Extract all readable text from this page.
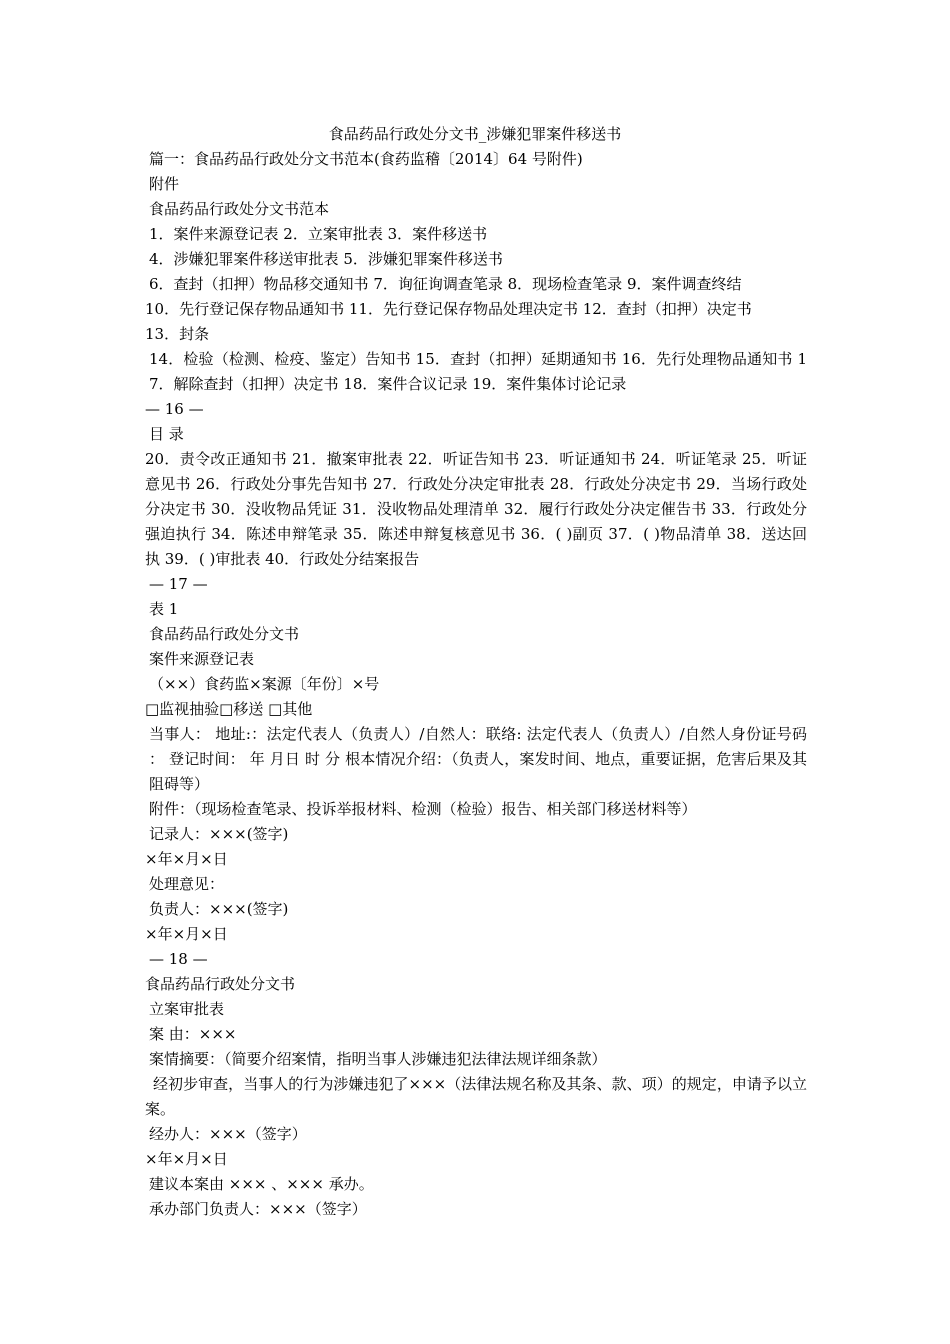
食品药品行政处分文书_涉嫌犯罪案件移送书
篇一：食品药品行政处分文书范本(食药监稽〔2014〕64 号附件)
附件
食品药品行政处分文书范本
1．案件来源登记表 2．立案审批表 3．案件移送书
4．涉嫌犯罪案件移送审批表 5．涉嫌犯罪案件移送书
6．查封（扣押）物品移交通知书 7．询征询调查笔录 8．现场检查笔录 9．案件调查终结
10．先行登记保存物品通知书 11．先行登记保存物品处理决定书 12．查封（扣押）决定书
13．封条
14．检验（检测、检疫、鉴定）告知书 15．查封（扣押）延期通知书 16．先行处理物品通知书 17．解除查封（扣押）决定书 18．案件合议记录 19．案件集体讨论记录
— 16 —
目 录
20．责令改正通知书 21．撤案审批表 22．听证告知书 23．听证通知书 24．听证笔录 25．听证意见书 26．行政处分事先告知书 27．行政处分决定审批表 28．行政处分决定书 29．当场行政处分决定书 30．没收物品凭证 31．没收物品处理清单 32．履行行政处分决定催告书 33．行政处分强迫执行 34．陈述申辩笔录 35．陈述申辩复核意见书 36．( )副页 37．( )物品清单 38．送达回执 39．( )审批表 40．行政处分结案报告
— 17 —
表 1
食品药品行政处分文书
案件来源登记表
（××）食药监×案源〔年份〕×号
□监视抽验□移送 □其他
当事人： 地址:：法定代表人（负责人）/自然人：联络: 法定代表人（负责人）/自然人身份证号码： 登记时间： 年 月日 时 分 根本情况介绍：（负责人，案发时间、地点，重要证据，危害后果及其阻碍等）
附件：（现场检查笔录、投诉举报材料、检测（检验）报告、相关部门移送材料等）
记录人：×××(签字)
×年×月×日
处理意见：
负责人：×××(签字)
×年×月×日
— 18 —
食品药品行政处分文书
立案审批表
案 由：×××
案情摘要：（简要介绍案情，指明当事人涉嫌违犯法律法规详细条款）
经初步审查，当事人的行为涉嫌违犯了×××（法律法规名称及其条、款、项）的规定，申请予以立案。
经办人：×××（签字）
×年×月×日
建议本案由 ××× 、××× 承办。
承办部门负责人：×××（签字）
